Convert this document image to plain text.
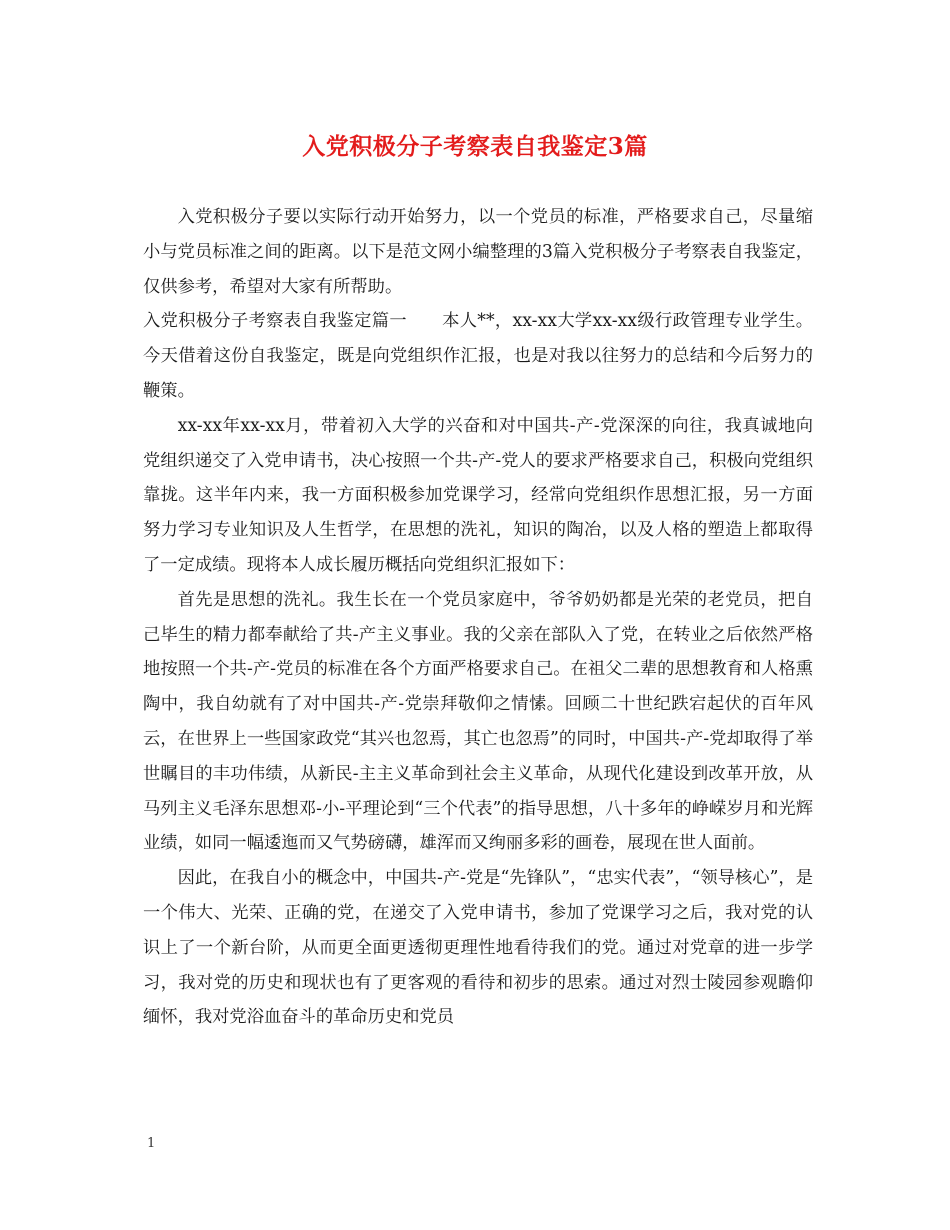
入党积极分子考察表自我鉴定3篇

入党积极分子要以实际行动开始努力，以一个党员的标准，严格要求自己，尽量缩小与党员标准之间的距离。以下是范文网小编整理的3篇入党积极分子考察表自我鉴定，仅供参考，希望对大家有所帮助。

入党积极分子考察表自我鉴定篇一　　本人**，xx-xx大学xx-xx级行政管理专业学生。今天借着这份自我鉴定，既是向党组织作汇报，也是对我以往努力的总结和今后努力的鞭策。

xx-xx年xx-xx月，带着初入大学的兴奋和对中国共-产-党深深的向往，我真诚地向党组织递交了入党申请书，决心按照一个共-产-党人的要求严格要求自己，积极向党组织靠拢。这半年内来，我一方面积极参加党课学习，经常向党组织作思想汇报，另一方面努力学习专业知识及人生哲学，在思想的洗礼，知识的陶冶，以及人格的塑造上都取得了一定成绩。现将本人成长履历概括向党组织汇报如下：

首先是思想的洗礼。我生长在一个党员家庭中，爷爷奶奶都是光荣的老党员，把自己毕生的精力都奉献给了共-产主义事业。我的父亲在部队入了党，在转业之后依然严格地按照一个共-产-党员的标准在各个方面严格要求自己。在祖父二辈的思想教育和人格熏陶中，我自幼就有了对中国共-产-党崇拜敬仰之情愫。回顾二十世纪跌宕起伏的百年风云，在世界上一些国家政党“其兴也忽焉，其亡也忽焉”的同时，中国共-产-党却取得了举世瞩目的丰功伟绩，从新民-主主义革命到社会主义革命，从现代化建设到改革开放，从马列主义毛泽东思想邓-小-平理论到“三个代表”的指导思想，八十多年的峥嵘岁月和光辉业绩，如同一幅逶迤而又气势磅礴，雄浑而又绚丽多彩的画卷，展现在世人面前。

因此，在我自小的概念中，中国共-产-党是“先锋队”，“忠实代表”，“领导核心”，是一个伟大、光荣、正确的党，在递交了入党申请书，参加了党课学习之后，我对党的认识上了一个新台阶，从而更全面更透彻更理性地看待我们的党。通过对党章的进一步学习，我对党的历史和现状也有了更客观的看待和初步的思索。通过对烈士陵园参观瞻仰缅怀，我对党浴血奋斗的革命历史和党员

1
